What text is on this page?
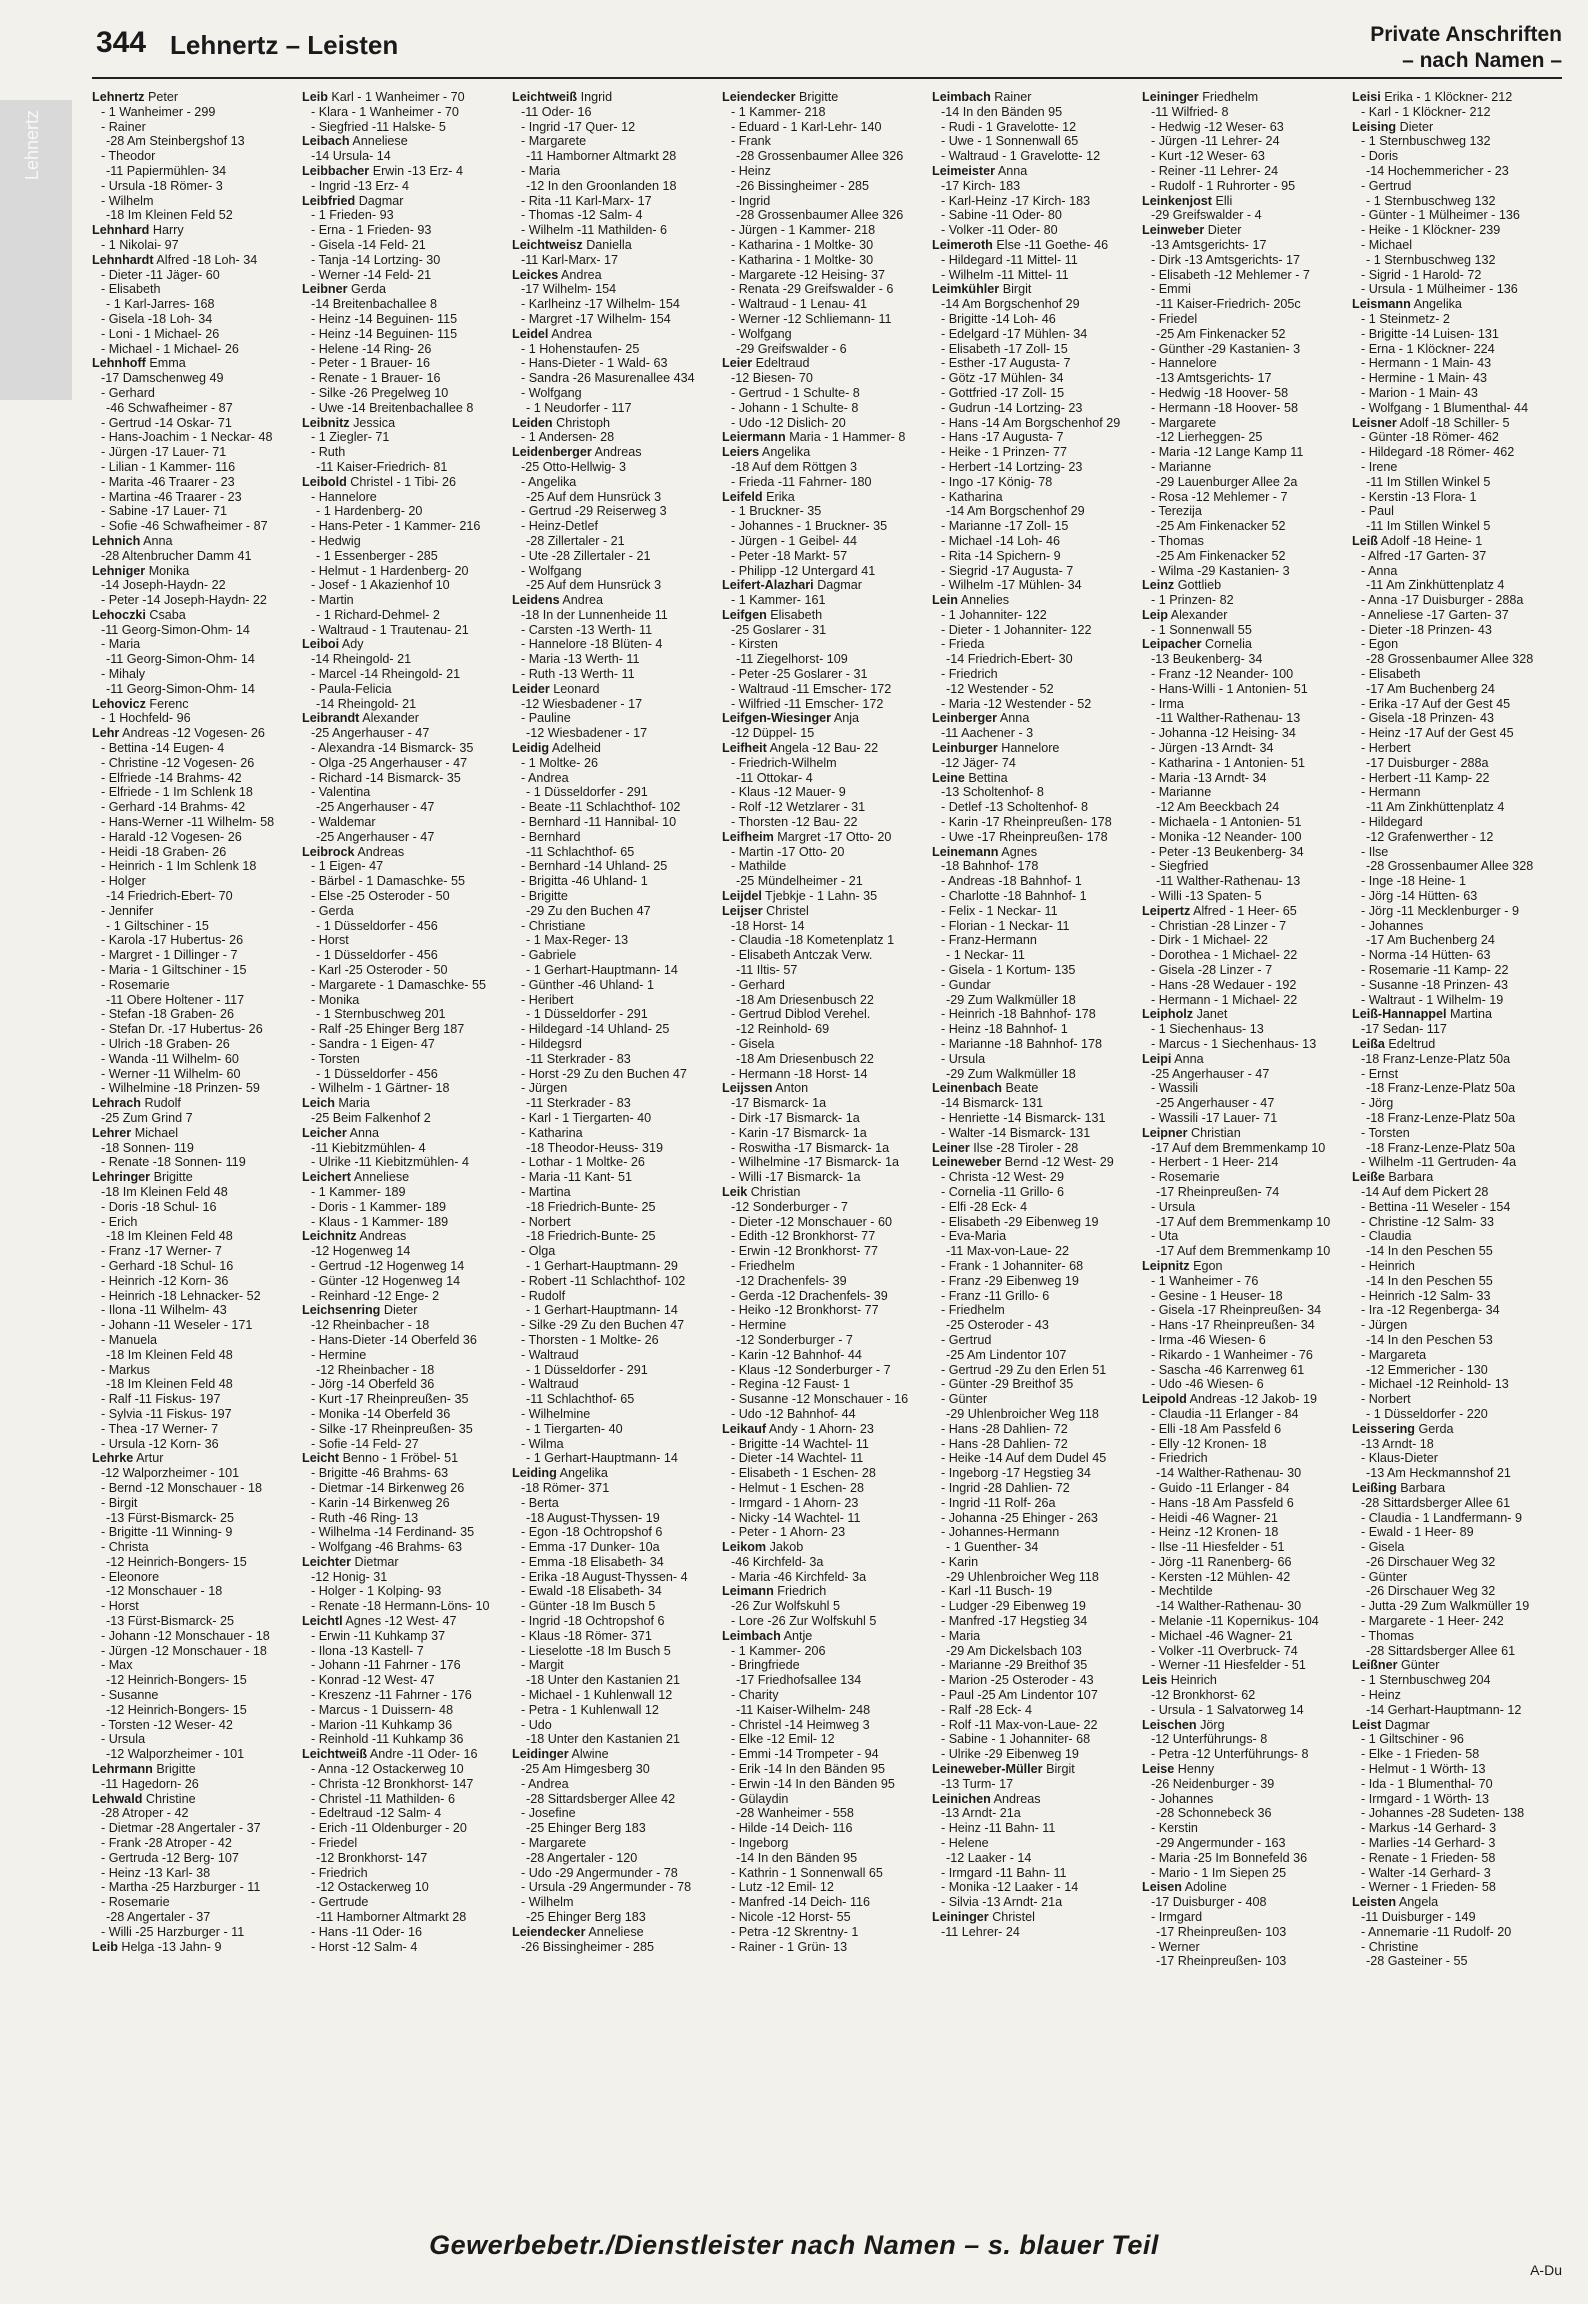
Lehnertz
344 Lehnertz – Leisten	Private Anschriften
– nach Namen –
Lehnertz Peter
- 1 Wanheimer - 299
- Rainer
-28 Am Steinbergshof 13
- Theodor
-11 Papiermühlen- 34
- Ursula -18 Römer- 3
- Wilhelm
-18 Im Kleinen Feld 52
Lehnhard Harry
- 1 Nikolai- 97
Lehnhardt Alfred -18 Loh- 34
- Dieter -11 Jäger- 60
- Elisabeth
- 1 Karl-Jarres- 168
- Gisela -18 Loh- 34
- Loni - 1 Michael- 26
- Michael - 1 Michael- 26
Lehnhoff Emma
-17 Damschenweg 49
- Gerhard
-46 Schwafheimer - 87
- Gertrud -14 Oskar- 71
- Hans-Joachim - 1 Neckar- 48
- Jürgen -17 Lauer- 71
- Lilian - 1 Kammer- 116
- Marita -46 Traarer - 23
- Martina -46 Traarer - 23
- Sabine -17 Lauer- 71
- Sofie -46 Schwafheimer - 87
Lehnich Anna
-28 Altenbrucher Damm 41
Lehniger Monika
-14 Joseph-Haydn- 22
- Peter -14 Joseph-Haydn- 22
Lehoczki Csaba
-11 Georg-Simon-Ohm- 14
- Maria
-11 Georg-Simon-Ohm- 14
- Mihaly
-11 Georg-Simon-Ohm- 14
Lehovicz Ferenc
- 1 Hochfeld- 96
Lehr Andreas -12 Vogesen- 26
- Bettina -14 Eugen- 4
- Christine -12 Vogesen- 26
- Elfriede -14 Brahms- 42
- Elfriede - 1 Im Schlenk 18
- Gerhard -14 Brahms- 42
- Hans-Werner -11 Wilhelm- 58
- Harald -12 Vogesen- 26
- Heidi -18 Graben- 26
- Heinrich - 1 Im Schlenk 18
- Holger
-14 Friedrich-Ebert- 70
- Jennifer
- 1 Giltschiner - 15
- Karola -17 Hubertus- 26
- Margret - 1 Dillinger - 7
- Maria - 1 Giltschiner - 15
- Rosemarie
-11 Obere Holtener - 117
- Stefan -18 Graben- 26
- Stefan Dr. -17 Hubertus- 26
- Ulrich -18 Graben- 26
- Wanda -11 Wilhelm- 60
- Werner -11 Wilhelm- 60
- Wilhelmine -18 Prinzen- 59
Lehrach Rudolf
-25 Zum Grind 7
Lehrer Michael
-18 Sonnen- 119
- Renate -18 Sonnen- 119
Lehringer Brigitte
-18 Im Kleinen Feld 48
- Doris -18 Schul- 16
- Erich
-18 Im Kleinen Feld 48
- Franz -17 Werner- 7
- Gerhard -18 Schul- 16
- Heinrich -12 Korn- 36
- Heinrich -18 Lehnacker- 52
- Ilona -11 Wilhelm- 43
- Johann -11 Weseler - 171
- Manuela
-18 Im Kleinen Feld 48
- Markus
-18 Im Kleinen Feld 48
- Ralf -11 Fiskus- 197
- Sylvia -11 Fiskus- 197
- Thea -17 Werner- 7
- Ursula -12 Korn- 36
Lehrke Artur
-12 Walporzheimer - 101
- Bernd -12 Monschauer - 18
- Birgit
-13 Fürst-Bismarck- 25
- Brigitte -11 Winning- 9
- Christa
-12 Heinrich-Bongers- 15
- Eleonore
-12 Monschauer - 18
- Horst
-13 Fürst-Bismarck- 25
- Johann -12 Monschauer - 18
- Jürgen -12 Monschauer - 18
- Max
-12 Heinrich-Bongers- 15
- Susanne
-12 Heinrich-Bongers- 15
- Torsten -12 Weser- 42
- Ursula
-12 Walporzheimer - 101
Lehrmann Brigitte
-11 Hagedorn- 26
Lehwald Christine
-28 Atroper - 42
- Dietmar -28 Angertaler - 37
- Frank -28 Atroper - 42
- Gertruda -12 Berg- 107
- Heinz -13 Karl- 38
- Martha -25 Harzburger - 11
- Rosemarie
-28 Angertaler - 37
- Willi -25 Harzburger - 11
Leib Helga -13 Jahn- 9
Leib Karl - 1 Wanheimer - 70
- Klara - 1 Wanheimer - 70
- Siegfried -11 Halske- 5
Leibach Anneliese
-14 Ursula- 14
Leibbacher Erwin -13 Erz- 4
- Ingrid -13 Erz- 4
Leibfried Dagmar
- 1 Frieden- 93
- Erna - 1 Frieden- 93
- Gisela -14 Feld- 21
- Tanja -14 Lortzing- 30
- Werner -14 Feld- 21
Leibner Gerda
-14 Breitenbachallee 8
- Heinz -14 Beguinen- 115
- Heinz -14 Beguinen- 115
- Helene -14 Ring- 26
- Peter - 1 Brauer- 16
- Renate - 1 Brauer- 16
- Silke -26 Pregelweg 10
- Uwe -14 Breitenbachallee 8
Leibnitz Jessica
- 1 Ziegler- 71
- Ruth
-11 Kaiser-Friedrich- 81
Leibold Christel - 1 Tibi- 26
- Hannelore
- 1 Hardenberg- 20
- Hans-Peter - 1 Kammer- 216
- Hedwig
- 1 Essenberger - 285
- Helmut - 1 Hardenberg- 20
- Josef - 1 Akazienhof 10
- Martin
- 1 Richard-Dehmel- 2
- Waltraud - 1 Trautenau- 21
Leiboi Ady
-14 Rheingold- 21
- Marcel -14 Rheingold- 21
- Paula-Felicia
-14 Rheingold- 21
Leibrandt Alexander
-25 Angerhauser - 47
- Alexandra -14 Bismarck- 35
- Olga -25 Angerhauser - 47
- Richard -14 Bismarck- 35
- Valentina
-25 Angerhauser - 47
- Waldemar
-25 Angerhauser - 47
Leibrock Andreas
- 1 Eigen- 47
- Bärbel - 1 Damaschke- 55
- Else -25 Osteroder - 50
- Gerda
- 1 Düsseldorfer - 456
- Horst
- 1 Düsseldorfer - 456
- Karl -25 Osteroder - 50
- Margarete - 1 Damaschke- 55
- Monika
- 1 Sternbuschweg 201
- Ralf -25 Ehinger Berg 187
- Sandra - 1 Eigen- 47
- Torsten
- 1 Düsseldorfer - 456
- Wilhelm - 1 Gärtner- 18
Leich Maria
-25 Beim Falkenhof 2
Leicher Anna
-11 Kiebitzmühlen- 4
- Ulrike -11 Kiebitzmühlen- 4
Leichert Anneliese
- 1 Kammer- 189
- Doris - 1 Kammer- 189
- Klaus - 1 Kammer- 189
Leichnitz Andreas
-12 Hogenweg 14
- Gertrud -12 Hogenweg 14
- Günter -12 Hogenweg 14
- Reinhard -12 Enge- 2
Leichsenring Dieter
-12 Rheinbacher - 18
- Hans-Dieter -14 Oberfeld 36
- Hermine
-12 Rheinbacher - 18
- Jörg -14 Oberfeld 36
- Kurt -17 Rheinpreußen- 35
- Monika -14 Oberfeld 36
- Silke -17 Rheinpreußen- 35
- Sofie -14 Feld- 27
Leicht Benno - 1 Fröbel- 51
- Brigitte -46 Brahms- 63
- Dietmar -14 Birkenweg 26
- Karin -14 Birkenweg 26
- Ruth -46 Ring- 13
- Wilhelma -14 Ferdinand- 35
- Wolfgang -46 Brahms- 63
Leichter Dietmar
-12 Honig- 31
- Holger - 1 Kolping- 93
- Renate -18 Hermann-Löns- 10
Leichtl Agnes -12 West- 47
- Erwin -11 Kuhkamp 37
- Ilona -13 Kastell- 7
- Johann -11 Fahrner - 176
- Konrad -12 West- 47
- Kreszenz -11 Fahrner - 176
- Marcus - 1 Duissern- 48
- Marion -11 Kuhkamp 36
- Reinhold -11 Kuhkamp 36
Leichtweiß Andre -11 Oder- 16
- Anna -12 Ostackerweg 10
- Christa -12 Bronkhorst- 147
- Christel -11 Mathilden- 6
- Edeltraud -12 Salm- 4
- Erich -11 Oldenburger - 20
- Friedel
-12 Bronkhorst- 147
- Friedrich
-12 Ostackerweg 10
- Gertrude
-11 Hamborner Altmarkt 28
- Hans -11 Oder- 16
- Horst -12 Salm- 4
Leichtweiß Ingrid
-11 Oder- 16
- Ingrid -17 Quer- 12
- Margarete
-11 Hamborner Altmarkt 28
- Maria
-12 In den Groonlanden 18
- Rita -11 Karl-Marx- 17
- Thomas -12 Salm- 4
- Wilhelm -11 Mathilden- 6
Leichtweisz Daniella
-11 Karl-Marx- 17
Leickes Andrea
-17 Wilhelm- 154
- Karlheinz -17 Wilhelm- 154
- Margret -17 Wilhelm- 154
Leidel Andrea
- 1 Hohenstaufen- 25
- Hans-Dieter - 1 Wald- 63
- Sandra -26 Masurenallee 434
- Wolfgang
- 1 Neudorfer - 117
Leiden Christoph
- 1 Andersen- 28
Leidenberger Andreas
-25 Otto-Hellwig- 3
- Angelika
-25 Auf dem Hunsrück 3
- Gertrud -29 Reiserweg 3
- Heinz-Detlef
-28 Zillertaler - 21
- Ute -28 Zillertaler - 21
- Wolfgang
-25 Auf dem Hunsrück 3
Leidens Andrea
-18 In der Lunnenheide 11
- Carsten -13 Werth- 11
- Hannelore -18 Blüten- 4
- Maria -13 Werth- 11
- Ruth -13 Werth- 11
Leider Leonard
-12 Wiesbadener - 17
- Pauline
-12 Wiesbadener - 17
Leidig Adelheid
- 1 Moltke- 26
- Andrea
- 1 Düsseldorfer - 291
- Beate -11 Schlachthof- 102
- Bernhard -11 Hannibal- 10
- Bernhard
-11 Schlachthof- 65
- Bernhard -14 Uhland- 25
- Brigitta -46 Uhland- 1
- Brigitte
-29 Zu den Buchen 47
- Christiane
- 1 Max-Reger- 13
- Gabriele
- 1 Gerhart-Hauptmann- 14
- Günther -46 Uhland- 1
- Heribert
- 1 Düsseldorfer - 291
- Hildegard -14 Uhland- 25
- Hildegsrd
-11 Sterkrader - 83
- Horst -29 Zu den Buchen 47
- Jürgen
-11 Sterkrader - 83
- Karl - 1 Tiergarten- 40
- Katharina
-18 Theodor-Heuss- 319
- Lothar - 1 Moltke- 26
- Maria -11 Kant- 51
- Martina
-18 Friedrich-Bunte- 25
- Norbert
-18 Friedrich-Bunte- 25
- Olga
- 1 Gerhart-Hauptmann- 29
- Robert -11 Schlachthof- 102
- Rudolf
- 1 Gerhart-Hauptmann- 14
- Silke -29 Zu den Buchen 47
- Thorsten - 1 Moltke- 26
- Waltraud
- 1 Düsseldorfer - 291
- Waltraud
-11 Schlachthof- 65
- Wilhelmine
- 1 Tiergarten- 40
- Wilma
- 1 Gerhart-Hauptmann- 14
Leiding Angelika
-18 Römer- 371
- Berta
-18 August-Thyssen- 19
- Egon -18 Ochtropshof 6
- Emma -17 Dunker- 10a
- Emma -18 Elisabeth- 34
- Erika -18 August-Thyssen- 4
- Ewald -18 Elisabeth- 34
- Günter -18 Im Busch 5
- Ingrid -18 Ochtropshof 6
- Klaus -18 Römer- 371
- Lieselotte -18 Im Busch 5
- Margit
-18 Unter den Kastanien 21
- Michael - 1 Kuhlenwall 12
- Petra - 1 Kuhlenwall 12
- Udo
-18 Unter den Kastanien 21
Leidinger Alwine
-25 Am Himgesberg 30
- Andrea
-28 Sittardsberger Allee 42
- Josefine
-25 Ehinger Berg 183
- Margarete
-28 Angertaler - 120
- Udo -29 Angermunder - 78
- Ursula -29 Angermunder - 78
- Wilhelm
-25 Ehinger Berg 183
Leiendecker Anneliese
-26 Bissingheimer - 285
Leiendecker Brigitte
- 1 Kammer- 218
- Eduard - 1 Karl-Lehr- 140
- Frank
-28 Grossenbaumer Allee 326
- Heinz
-26 Bissingheimer - 285
- Ingrid
-28 Grossenbaumer Allee 326
- Jürgen - 1 Kammer- 218
- Katharina - 1 Moltke- 30
- Katharina - 1 Moltke- 30
- Margarete -12 Heising- 37
- Renata -29 Greifswalder - 6
- Waltraud - 1 Lenau- 41
- Werner -12 Schliemann- 11
- Wolfgang
-29 Greifswalder - 6
Leier Edeltraud
-12 Biesen- 70
- Gertrud - 1 Schulte- 8
- Johann - 1 Schulte- 8
- Udo -12 Dislich- 20
Leiermann Maria - 1 Hammer- 8
Leiers Angelika
-18 Auf dem Röttgen 3
- Frieda -11 Fahrner- 180
Leifeld Erika
- 1 Bruckner- 35
- Johannes - 1 Bruckner- 35
- Jürgen - 1 Geibel- 44
- Peter -18 Markt- 57
- Philipp -12 Untergard 41
Leifert-Alazhari Dagmar
- 1 Kammer- 161
Leifgen Elisabeth
-25 Goslarer - 31
- Kirsten
-11 Ziegelhorst- 109
- Peter -25 Goslarer - 31
- Waltraud -11 Emscher- 172
- Wilfried -11 Emscher- 172
Leifgen-Wiesinger Anja
-12 Düppel- 15
Leifheit Angela -12 Bau- 22
- Friedrich-Wilhelm
-11 Ottokar- 4
- Klaus -12 Mauer- 9
- Rolf -12 Wetzlarer - 31
- Thorsten -12 Bau- 22
Leifheim Margret -17 Otto- 20
- Martin -17 Otto- 20
- Mathilde
-25 Mündelheimer - 21
Leijdel Tjebkje - 1 Lahn- 35
Leijser Christel
-18 Horst- 14
- Claudia -18 Kometenplatz 1
- Elisabeth Antczak Verw.
-11 Iltis- 57
- Gerhard
-18 Am Driesenbusch 22
- Gertrud Diblod Verehel.
-12 Reinhold- 69
- Gisela
-18 Am Driesenbusch 22
- Hermann -18 Horst- 14
Leijssen Anton
-17 Bismarck- 1a
- Dirk -17 Bismarck- 1a
- Karin -17 Bismarck- 1a
- Roswitha -17 Bismarck- 1a
- Wilhelmine -17 Bismarck- 1a
- Willi -17 Bismarck- 1a
Leik Christian
-12 Sonderburger - 7
- Dieter -12 Monschauer - 60
- Edith -12 Bronkhorst- 77
- Erwin -12 Bronkhorst- 77
- Friedhelm
-12 Drachenfels- 39
- Gerda -12 Drachenfels- 39
- Heiko -12 Bronkhorst- 77
- Hermine
-12 Sonderburger - 7
- Karin -12 Bahnhof- 44
- Klaus -12 Sonderburger - 7
- Regina -12 Faust- 1
- Susanne -12 Monschauer - 16
- Udo -12 Bahnhof- 44
Leikauf Andy - 1 Ahorn- 23
- Brigitte -14 Wachtel- 11
- Dieter -14 Wachtel- 11
- Elisabeth - 1 Eschen- 28
- Helmut - 1 Eschen- 28
- Irmgard - 1 Ahorn- 23
- Nicky -14 Wachtel- 11
- Peter - 1 Ahorn- 23
Leikom Jakob
-46 Kirchfeld- 3a
- Maria -46 Kirchfeld- 3a
Leimann Friedrich
-26 Zur Wolfskuhl 5
- Lore -26 Zur Wolfskuhl 5
Leimbach Antje
- 1 Kammer- 206
- Bringfriede
-17 Friedhofsallee 134
- Charity
-11 Kaiser-Wilhelm- 248
- Christel -14 Heimweg 3
- Elke -12 Emil- 12
- Emmi -14 Trompeter - 94
- Erik -14 In den Bänden 95
- Erwin -14 In den Bänden 95
- Gülaydin
-28 Wanheimer - 558
- Hilde -14 Deich- 116
- Ingeborg
-14 In den Bänden 95
- Kathrin - 1 Sonnenwall 65
- Lutz -12 Emil- 12
- Manfred -14 Deich- 116
- Nicole -12 Horst- 55
- Petra -12 Skrentny- 1
- Rainer - 1 Grün- 13
Leimbach Rainer
-14 In den Bänden 95
- Rudi - 1 Gravelotte- 12
- Uwe - 1 Sonnenwall 65
- Waltraud - 1 Gravelotte- 12
Leimeister Anna
-17 Kirch- 183
- Karl-Heinz -17 Kirch- 183
- Sabine -11 Oder- 80
- Volker -11 Oder- 80
Leimeroth Else -11 Goethe- 46
- Hildegard -11 Mittel- 11
- Wilhelm -11 Mittel- 11
Leimkühler Birgit
-14 Am Borgschenhof 29
- Brigitte -14 Loh- 46
- Edelgard -17 Mühlen- 34
- Elisabeth -17 Zoll- 15
- Esther -17 Augusta- 7
- Götz -17 Mühlen- 34
- Gottfried -17 Zoll- 15
- Gudrun -14 Lortzing- 23
- Hans -14 Am Borgschenhof 29
- Hans -17 Augusta- 7
- Heike - 1 Prinzen- 77
- Herbert -14 Lortzing- 23
- Ingo -17 König- 78
- Katharina
-14 Am Borgschenhof 29
- Marianne -17 Zoll- 15
- Michael -14 Loh- 46
- Rita -14 Spichern- 9
- Siegrid -17 Augusta- 7
- Wilhelm -17 Mühlen- 34
Lein Annelies
- 1 Johanniter- 122
- Dieter - 1 Johanniter- 122
- Frieda
-14 Friedrich-Ebert- 30
- Friedrich
-12 Westender - 52
- Maria -12 Westender - 52
Leinberger Anna
-11 Aachener - 3
Leinburger Hannelore
-12 Jäger- 74
Leine Bettina
-13 Scholtenhof- 8
- Detlef -13 Scholtenhof- 8
- Karin -17 Rheinpreußen- 178
- Uwe -17 Rheinpreußen- 178
Leinemann Agnes
-18 Bahnhof- 178
- Andreas -18 Bahnhof- 1
- Charlotte -18 Bahnhof- 1
- Felix - 1 Neckar- 11
- Florian - 1 Neckar- 11
- Franz-Hermann
- 1 Neckar- 11
- Gisela - 1 Kortum- 135
- Gundar
-29 Zum Walkmüller 18
- Heinrich -18 Bahnhof- 178
- Heinz -18 Bahnhof- 1
- Marianne -18 Bahnhof- 178
- Ursula
-29 Zum Walkmüller 18
Leinenbach Beate
-14 Bismarck- 131
- Henriette -14 Bismarck- 131
- Walter -14 Bismarck- 131
Leiner Ilse -28 Tiroler - 28
Leineweber Bernd -12 West- 29
- Christa -12 West- 29
- Cornelia -11 Grillo- 6
- Elfi -28 Eck- 4
- Elisabeth -29 Eibenweg 19
- Eva-Maria
-11 Max-von-Laue- 22
- Frank - 1 Johanniter- 68
- Franz -29 Eibenweg 19
- Franz -11 Grillo- 6
- Friedhelm
-25 Osteroder - 43
- Gertrud
-25 Am Lindentor 107
- Gertrud -29 Zu den Erlen 51
- Günter -29 Breithof 35
- Günter
-29 Uhlenbroicher Weg 118
- Hans -28 Dahlien- 72
- Hans -28 Dahlien- 72
- Heike -14 Auf dem Dudel 45
- Ingeborg -17 Hegstieg 34
- Ingrid -28 Dahlien- 72
- Ingrid -11 Rolf- 26a
- Johanna -25 Ehinger - 263
- Johannes-Hermann
- 1 Guenther- 34
- Karin
-29 Uhlenbroicher Weg 118
- Karl -11 Busch- 19
- Ludger -29 Eibenweg 19
- Manfred -17 Hegstieg 34
- Maria
-29 Am Dickelsbach 103
- Marianne -29 Breithof 35
- Marion -25 Osteroder - 43
- Paul -25 Am Lindentor 107
- Ralf -28 Eck- 4
- Rolf -11 Max-von-Laue- 22
- Sabine - 1 Johanniter- 68
- Ulrike -29 Eibenweg 19
Leineweber-Müller Birgit
-13 Turm- 17
Leinichen Andreas
-13 Arndt- 21a
- Heinz -11 Bahn- 11
- Helene
-12 Laaker - 14
- Irmgard -11 Bahn- 11
- Monika -12 Laaker - 14
- Silvia -13 Arndt- 21a
Leininger Christel
-11 Lehrer- 24
Leininger Friedhelm
-11 Wilfried- 8
- Hedwig -12 Weser- 63
- Jürgen -11 Lehrer- 24
- Kurt -12 Weser- 63
- Reiner -11 Lehrer- 24
- Rudolf - 1 Ruhrorter - 95
Leinkenjost Elli
-29 Greifswalder - 4
Leinweber Dieter
-13 Amtsgerichts- 17
- Dirk -13 Amtsgerichts- 17
- Elisabeth -12 Mehlemer - 7
- Emmi
-11 Kaiser-Friedrich- 205c
- Friedel
-25 Am Finkenacker 52
- Günther -29 Kastanien- 3
- Hannelore
-13 Amtsgerichts- 17
- Hedwig -18 Hoover- 58
- Hermann -18 Hoover- 58
- Margarete
-12 Lierheggen- 25
- Maria -12 Lange Kamp 11
- Marianne
-29 Lauenburger Allee 2a
- Rosa -12 Mehlemer - 7
- Terezija
-25 Am Finkenacker 52
- Thomas
-25 Am Finkenacker 52
- Wilma -29 Kastanien- 3
Leinz Gottlieb
- 1 Prinzen- 82
Leip Alexander
- 1 Sonnenwall 55
Leipacher Cornelia
-13 Beukenberg- 34
- Franz -12 Neander- 100
- Hans-Willi - 1 Antonien- 51
- Irma
-11 Walther-Rathenau- 13
- Johanna -12 Heising- 34
- Jürgen -13 Arndt- 34
- Katharina - 1 Antonien- 51
- Maria -13 Arndt- 34
- Marianne
-12 Am Beeckbach 24
- Michaela - 1 Antonien- 51
- Monika -12 Neander- 100
- Peter -13 Beukenberg- 34
- Siegfried
-11 Walther-Rathenau- 13
- Willi -13 Spaten- 5
Leipertz Alfred - 1 Heer- 65
- Christian -28 Linzer - 7
- Dirk - 1 Michael- 22
- Dorothea - 1 Michael- 22
- Gisela -28 Linzer - 7
- Hans -28 Wedauer - 192
- Hermann - 1 Michael- 22
Leipholz Janet
- 1 Siechenhaus- 13
- Marcus - 1 Siechenhaus- 13
Leipi Anna
-25 Angerhauser - 47
- Wassili
-25 Angerhauser - 47
- Wassili -17 Lauer- 71
Leipner Christian
-17 Auf dem Bremmenkamp 10
- Herbert - 1 Heer- 214
- Rosemarie
-17 Rheinpreußen- 74
- Ursula
-17 Auf dem Bremmenkamp 10
- Uta
-17 Auf dem Bremmenkamp 10
Leipnitz Egon
- 1 Wanheimer - 76
- Gesine - 1 Heuser- 18
- Gisela -17 Rheinpreußen- 34
- Hans -17 Rheinpreußen- 34
- Irma -46 Wiesen- 6
- Rikardo - 1 Wanheimer - 76
- Sascha -46 Karrenweg 61
- Udo -46 Wiesen- 6
Leipold Andreas -12 Jakob- 19
- Claudia -11 Erlanger - 84
- Elli -18 Am Passfeld 6
- Elly -12 Kronen- 18
- Friedrich
-14 Walther-Rathenau- 30
- Guido -11 Erlanger - 84
- Hans -18 Am Passfeld 6
- Heidi -46 Wagner- 21
- Heinz -12 Kronen- 18
- Ilse -11 Hiesfelder - 51
- Jörg -11 Ranenberg- 66
- Kersten -12 Mühlen- 42
- Mechtilde
-14 Walther-Rathenau- 30
- Melanie -11 Kopernikus- 104
- Michael -46 Wagner- 21
- Volker -11 Overbruck- 74
- Werner -11 Hiesfelder - 51
Leis Heinrich
-12 Bronkhorst- 62
- Ursula - 1 Salvatorweg 14
Leischen Jörg
-12 Unterführungs- 8
- Petra -12 Unterführungs- 8
Leise Henny
-26 Neidenburger - 39
- Johannes
-28 Schonnebeck 36
- Kerstin
-29 Angermunder - 163
- Maria -25 Im Bonnefeld 36
- Mario - 1 Im Siepen 25
Leisen Adoline
-17 Duisburger - 408
- Irmgard
-17 Rheinpreußen- 103
- Werner
-17 Rheinpreußen- 103
Leisi Erika - 1 Klöckner- 212
- Karl - 1 Klöckner- 212
Leising Dieter
- 1 Sternbuschweg 132
- Doris
-14 Hochemmericher - 23
- Gertrud
- 1 Sternbuschweg 132
- Günter - 1 Mülheimer - 136
- Heike - 1 Klöckner- 239
- Michael
- 1 Sternbuschweg 132
- Sigrid - 1 Harold- 72
- Ursula - 1 Mülheimer - 136
Leismann Angelika
- 1 Steinmetz- 2
- Brigitte -14 Luisen- 131
- Erna - 1 Klöckner- 224
- Hermann - 1 Main- 43
- Hermine - 1 Main- 43
- Marion - 1 Main- 43
- Wolfgang - 1 Blumenthal- 44
Leisner Adolf -18 Schiller- 5
- Günter -18 Römer- 462
- Hildegard -18 Römer- 462
- Irene
-11 Im Stillen Winkel 5
- Kerstin -13 Flora- 1
- Paul
-11 Im Stillen Winkel 5
Leiß Adolf -18 Heine- 1
- Alfred -17 Garten- 37
- Anna
-11 Am Zinkhüttenplatz 4
- Anna -17 Duisburger - 288a
- Anneliese -17 Garten- 37
- Dieter -18 Prinzen- 43
- Egon
-28 Grossenbaumer Allee 328
- Elisabeth
-17 Am Buchenberg 24
- Erika -17 Auf der Gest 45
- Gisela -18 Prinzen- 43
- Heinz -17 Auf der Gest 45
- Herbert
-17 Duisburger - 288a
- Herbert -11 Kamp- 22
- Hermann
-11 Am Zinkhüttenplatz 4
- Hildegard
-12 Grafenwerther - 12
- Ilse
-28 Grossenbaumer Allee 328
- Inge -18 Heine- 1
- Jörg -14 Hütten- 63
- Jörg -11 Mecklenburger - 9
- Johannes
-17 Am Buchenberg 24
- Norma -14 Hütten- 63
- Rosemarie -11 Kamp- 22
- Susanne -18 Prinzen- 43
- Waltraut - 1 Wilhelm- 19
Leiß-Hannappel Martina
-17 Sedan- 117
Leißa Edeltrud
-18 Franz-Lenze-Platz 50a
- Ernst
-18 Franz-Lenze-Platz 50a
- Jörg
-18 Franz-Lenze-Platz 50a
- Torsten
-18 Franz-Lenze-Platz 50a
- Wilhelm -11 Gertruden- 4a
Leiße Barbara
-14 Auf dem Pickert 28
- Bettina -11 Weseler - 154
- Christine -12 Salm- 33
- Claudia
-14 In den Peschen 55
- Heinrich
-14 In den Peschen 55
- Heinrich -12 Salm- 33
- Ira -12 Regenberga- 34
- Jürgen
-14 In den Peschen 53
- Margareta
-12 Emmericher - 130
- Michael -12 Reinhold- 13
- Norbert
- 1 Düsseldorfer - 220
Leissering Gerda
-13 Arndt- 18
- Klaus-Dieter
-13 Am Heckmannshof 21
Leißing Barbara
-28 Sittardsberger Allee 61
- Claudia - 1 Landfermann- 9
- Ewald - 1 Heer- 89
- Gisela
-26 Dirschauer Weg 32
- Günter
-26 Dirschauer Weg 32
- Jutta -29 Zum Walkmüller 19
- Margarete - 1 Heer- 242
- Thomas
-28 Sittardsberger Allee 61
Leißner Günter
- 1 Sternbuschweg 204
- Heinz
-14 Gerhart-Hauptmann- 12
Leist Dagmar
- 1 Giltschiner - 96
- Elke - 1 Frieden- 58
- Helmut - 1 Wörth- 13
- Ida - 1 Blumenthal- 70
- Irmgard - 1 Wörth- 13
- Johannes -28 Sudeten- 138
- Markus -14 Gerhard- 3
- Marlies -14 Gerhard- 3
- Renate - 1 Frieden- 58
- Walter -14 Gerhard- 3
- Werner - 1 Frieden- 58
Leisten Angela
-11 Duisburger - 149
- Annemarie -11 Rudolf- 20
- Christine
-28 Gasteiner - 55
Gewerbebetr./Dienstleister nach Namen – s. blauer Teil
A-Du
